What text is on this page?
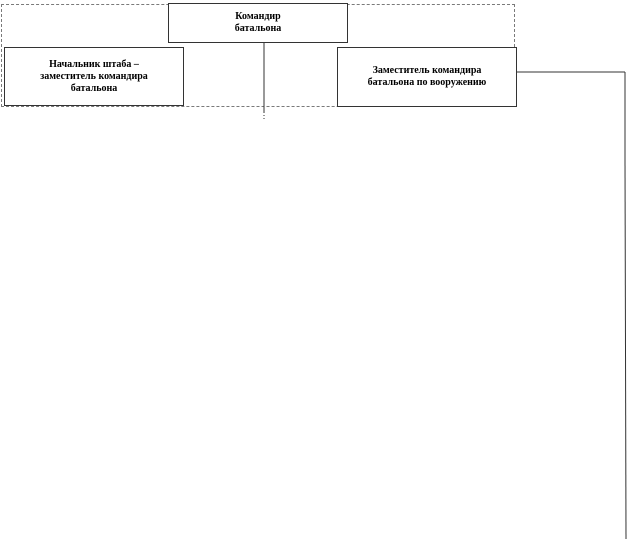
Командир
батальона
Начальник штаба –
заместитель командира
батальона
Заместитель командира
батальона по вооружению
